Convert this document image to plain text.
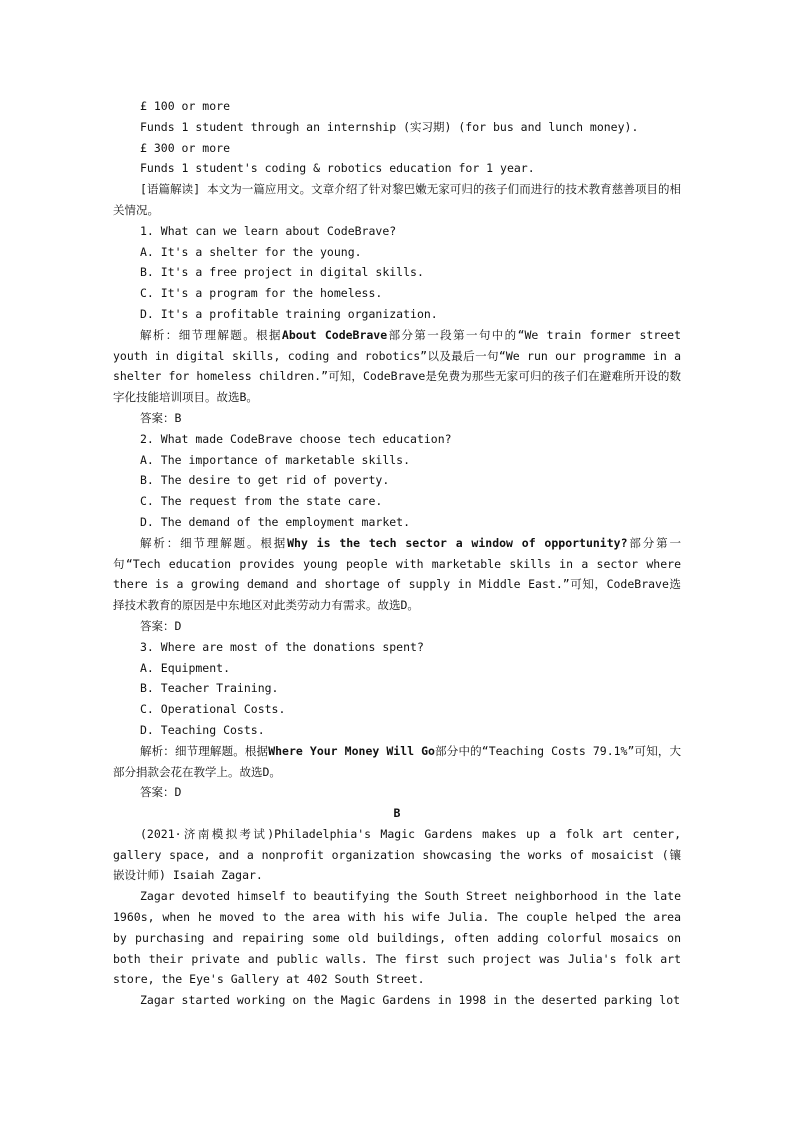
£ 100 or more
Funds 1 student through an internship (实习期) (for bus and lunch money).
£ 300 or more
Funds 1 student's coding & robotics education for 1 year.
[语篇解读] 本文为一篇应用文。文章介绍了针对黎巴嫩无家可归的孩子们而进行的技术教育慈善项目的相关情况。
1. What can we learn about CodeBrave?
A. It's a shelter for the young.
B. It's a free project in digital skills.
C. It's a program for the homeless.
D. It's a profitable training organization.
解析：细节理解题。根据About CodeBrave部分第一段第一句中的“We train former street youth in digital skills, coding and robotics”以及最后一句“We run our programme in a shelter for homeless children.”可知，CodeBrave是免费为那些无家可归的孩子们在避难所开设的数字化技能培训项目。故选B。
答案：B
2. What made CodeBrave choose tech education?
A. The importance of marketable skills.
B. The desire to get rid of poverty.
C. The request from the state care.
D. The demand of the employment market.
解析：细节理解题。根据Why is the tech sector a window of opportunity?部分第一句“Tech education provides young people with marketable skills in a sector where there is a growing demand and shortage of supply in Middle East.”可知，CodeBrave选择技术教育的原因是中东地区对此类劳动力有需求。故选D。
答案：D
3. Where are most of the donations spent?
A. Equipment.
B. Teacher Training.
C. Operational Costs.
D. Teaching Costs.
解析：细节理解题。根据Where Your Money Will Go部分中的“Teaching Costs 79.1%”可知，大部分捐款会花在教学上。故选D。
答案：D
B
(2021·济南模拟考试)Philadelphia's Magic Gardens makes up a folk art center, gallery space, and a nonprofit organization showcasing the works of mosaicist (镶嵌设计师) Isaiah Zagar.
Zagar devoted himself to beautifying the South Street neighborhood in the late 1960s, when he moved to the area with his wife Julia. The couple helped the area by purchasing and repairing some old buildings, often adding colorful mosaics on both their private and public walls. The first such project was Julia's folk art store, the Eye's Gallery at 402 South Street.
Zagar started working on the Magic Gardens in 1998 in the deserted parking lot
